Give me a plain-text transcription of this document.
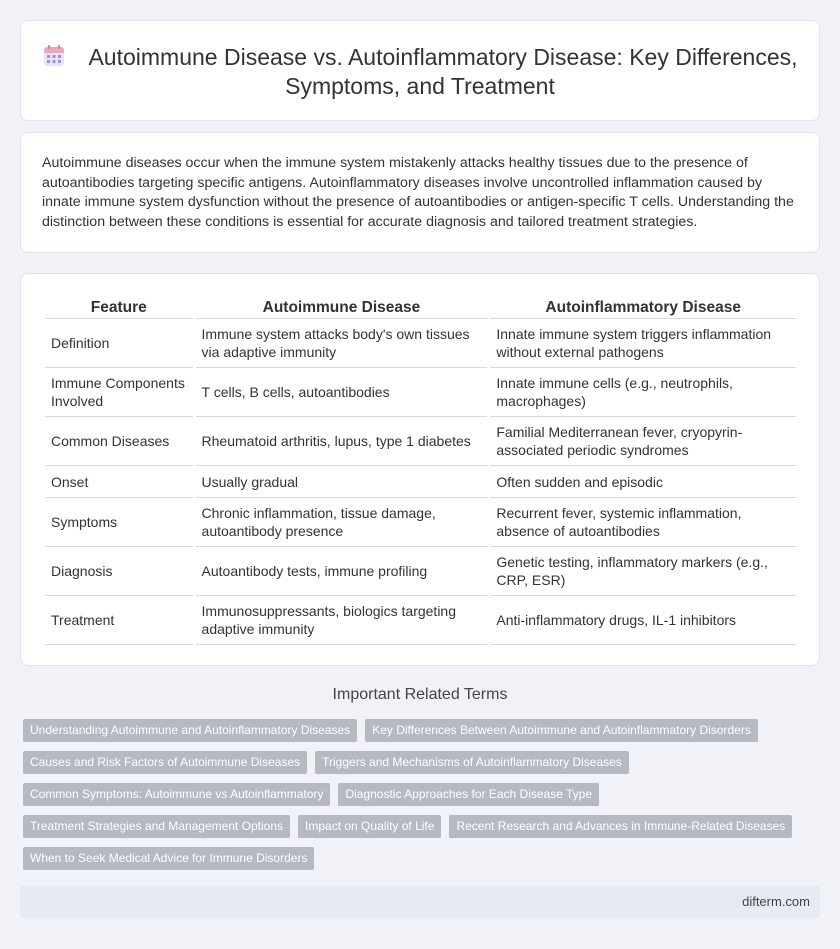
Autoimmune Disease vs. Autoinflammatory Disease: Key Differences, Symptoms, and Treatment

Autoimmune diseases occur when the immune system mistakenly attacks healthy tissues due to the presence of autoantibodies targeting specific antigens. Autoinflammatory diseases involve uncontrolled inflammation caused by innate immune system dysfunction without the presence of autoantibodies or antigen-specific T cells. Understanding the distinction between these conditions is essential for accurate diagnosis and tailored treatment strategies.

Feature	Autoimmune Disease	Autoinflammatory Disease
Definition	Immune system attacks body's own tissues via adaptive immunity	Innate immune system triggers inflammation without external pathogens
Immune Components Involved	T cells, B cells, autoantibodies	Innate immune cells (e.g., neutrophils, macrophages)
Common Diseases	Rheumatoid arthritis, lupus, type 1 diabetes	Familial Mediterranean fever, cryopyrin-associated periodic syndromes
Onset	Usually gradual	Often sudden and episodic
Symptoms	Chronic inflammation, tissue damage, autoantibody presence	Recurrent fever, systemic inflammation, absence of autoantibodies
Diagnosis	Autoantibody tests, immune profiling	Genetic testing, inflammatory markers (e.g., CRP, ESR)
Treatment	Immunosuppressants, biologics targeting adaptive immunity	Anti-inflammatory drugs, IL-1 inhibitors
Important Related Terms
Understanding Autoimmune and Autoinflammatory Diseases	Key Differences Between Autoimmune and Autoinflammatory Disorders
Causes and Risk Factors of Autoimmune Diseases	Triggers and Mechanisms of Autoinflammatory Diseases
Common Symptoms: Autoimmune vs Autoinflammatory	Diagnostic Approaches for Each Disease Type
Treatment Strategies and Management Options	Impact on Quality of Life	Recent Research and Advances in Immune-Related Diseases
When to Seek Medical Advice for Immune Disorders
difterm.com
